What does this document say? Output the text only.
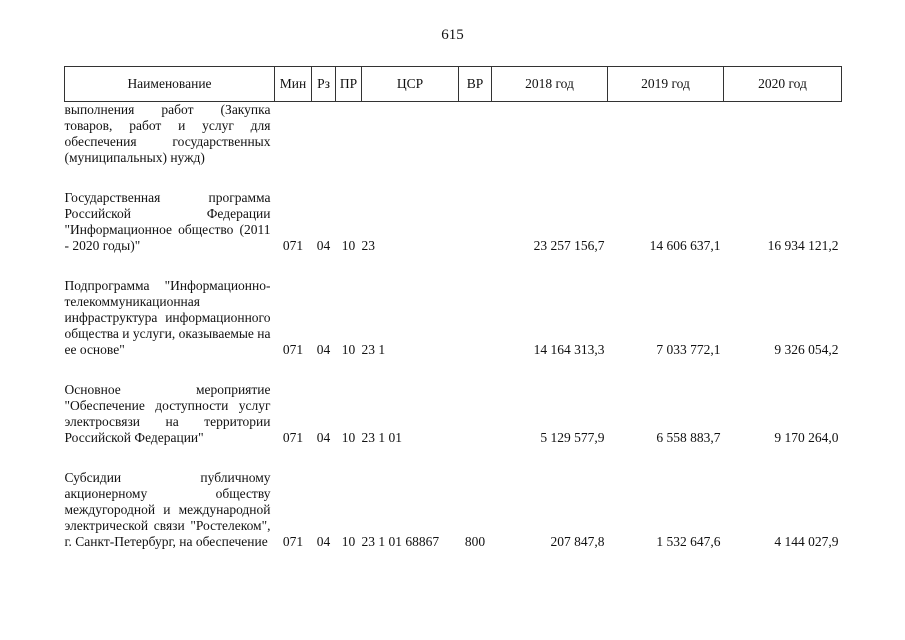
615
Наименование	Мин	Рз	ПР	ЦСР	ВР	2018 год	2019 год	2020 год
выполнения работ (Закупка товаров, работ и услуг для обеспечения государственных (муниципальных) нужд)								

Государственная программа Российской Федерации "Информационное общество (2011 - 2020 годы)"	071	04	10	23		23 257 156,7	14 606 637,1	16 934 121,2

Подпрограмма "Информационно-телекоммуникационная инфраструктура информационного общества и услуги, оказываемые на ее основе"	071	04	10	23 1		14 164 313,3	7 033 772,1	9 326 054,2

Основное мероприятие "Обеспечение доступности услуг электросвязи на территории Российской Федерации"	071	04	10	23 1 01		5 129 577,9	6 558 883,7	9 170 264,0

Субсидии публичному акционерному обществу междугородной и международной электрической связи "Ростелеком", г. Санкт-Петербург, на обеспечение	071	04	10	23 1 01 68867	800	207 847,8	1 532 647,6	4 144 027,9
